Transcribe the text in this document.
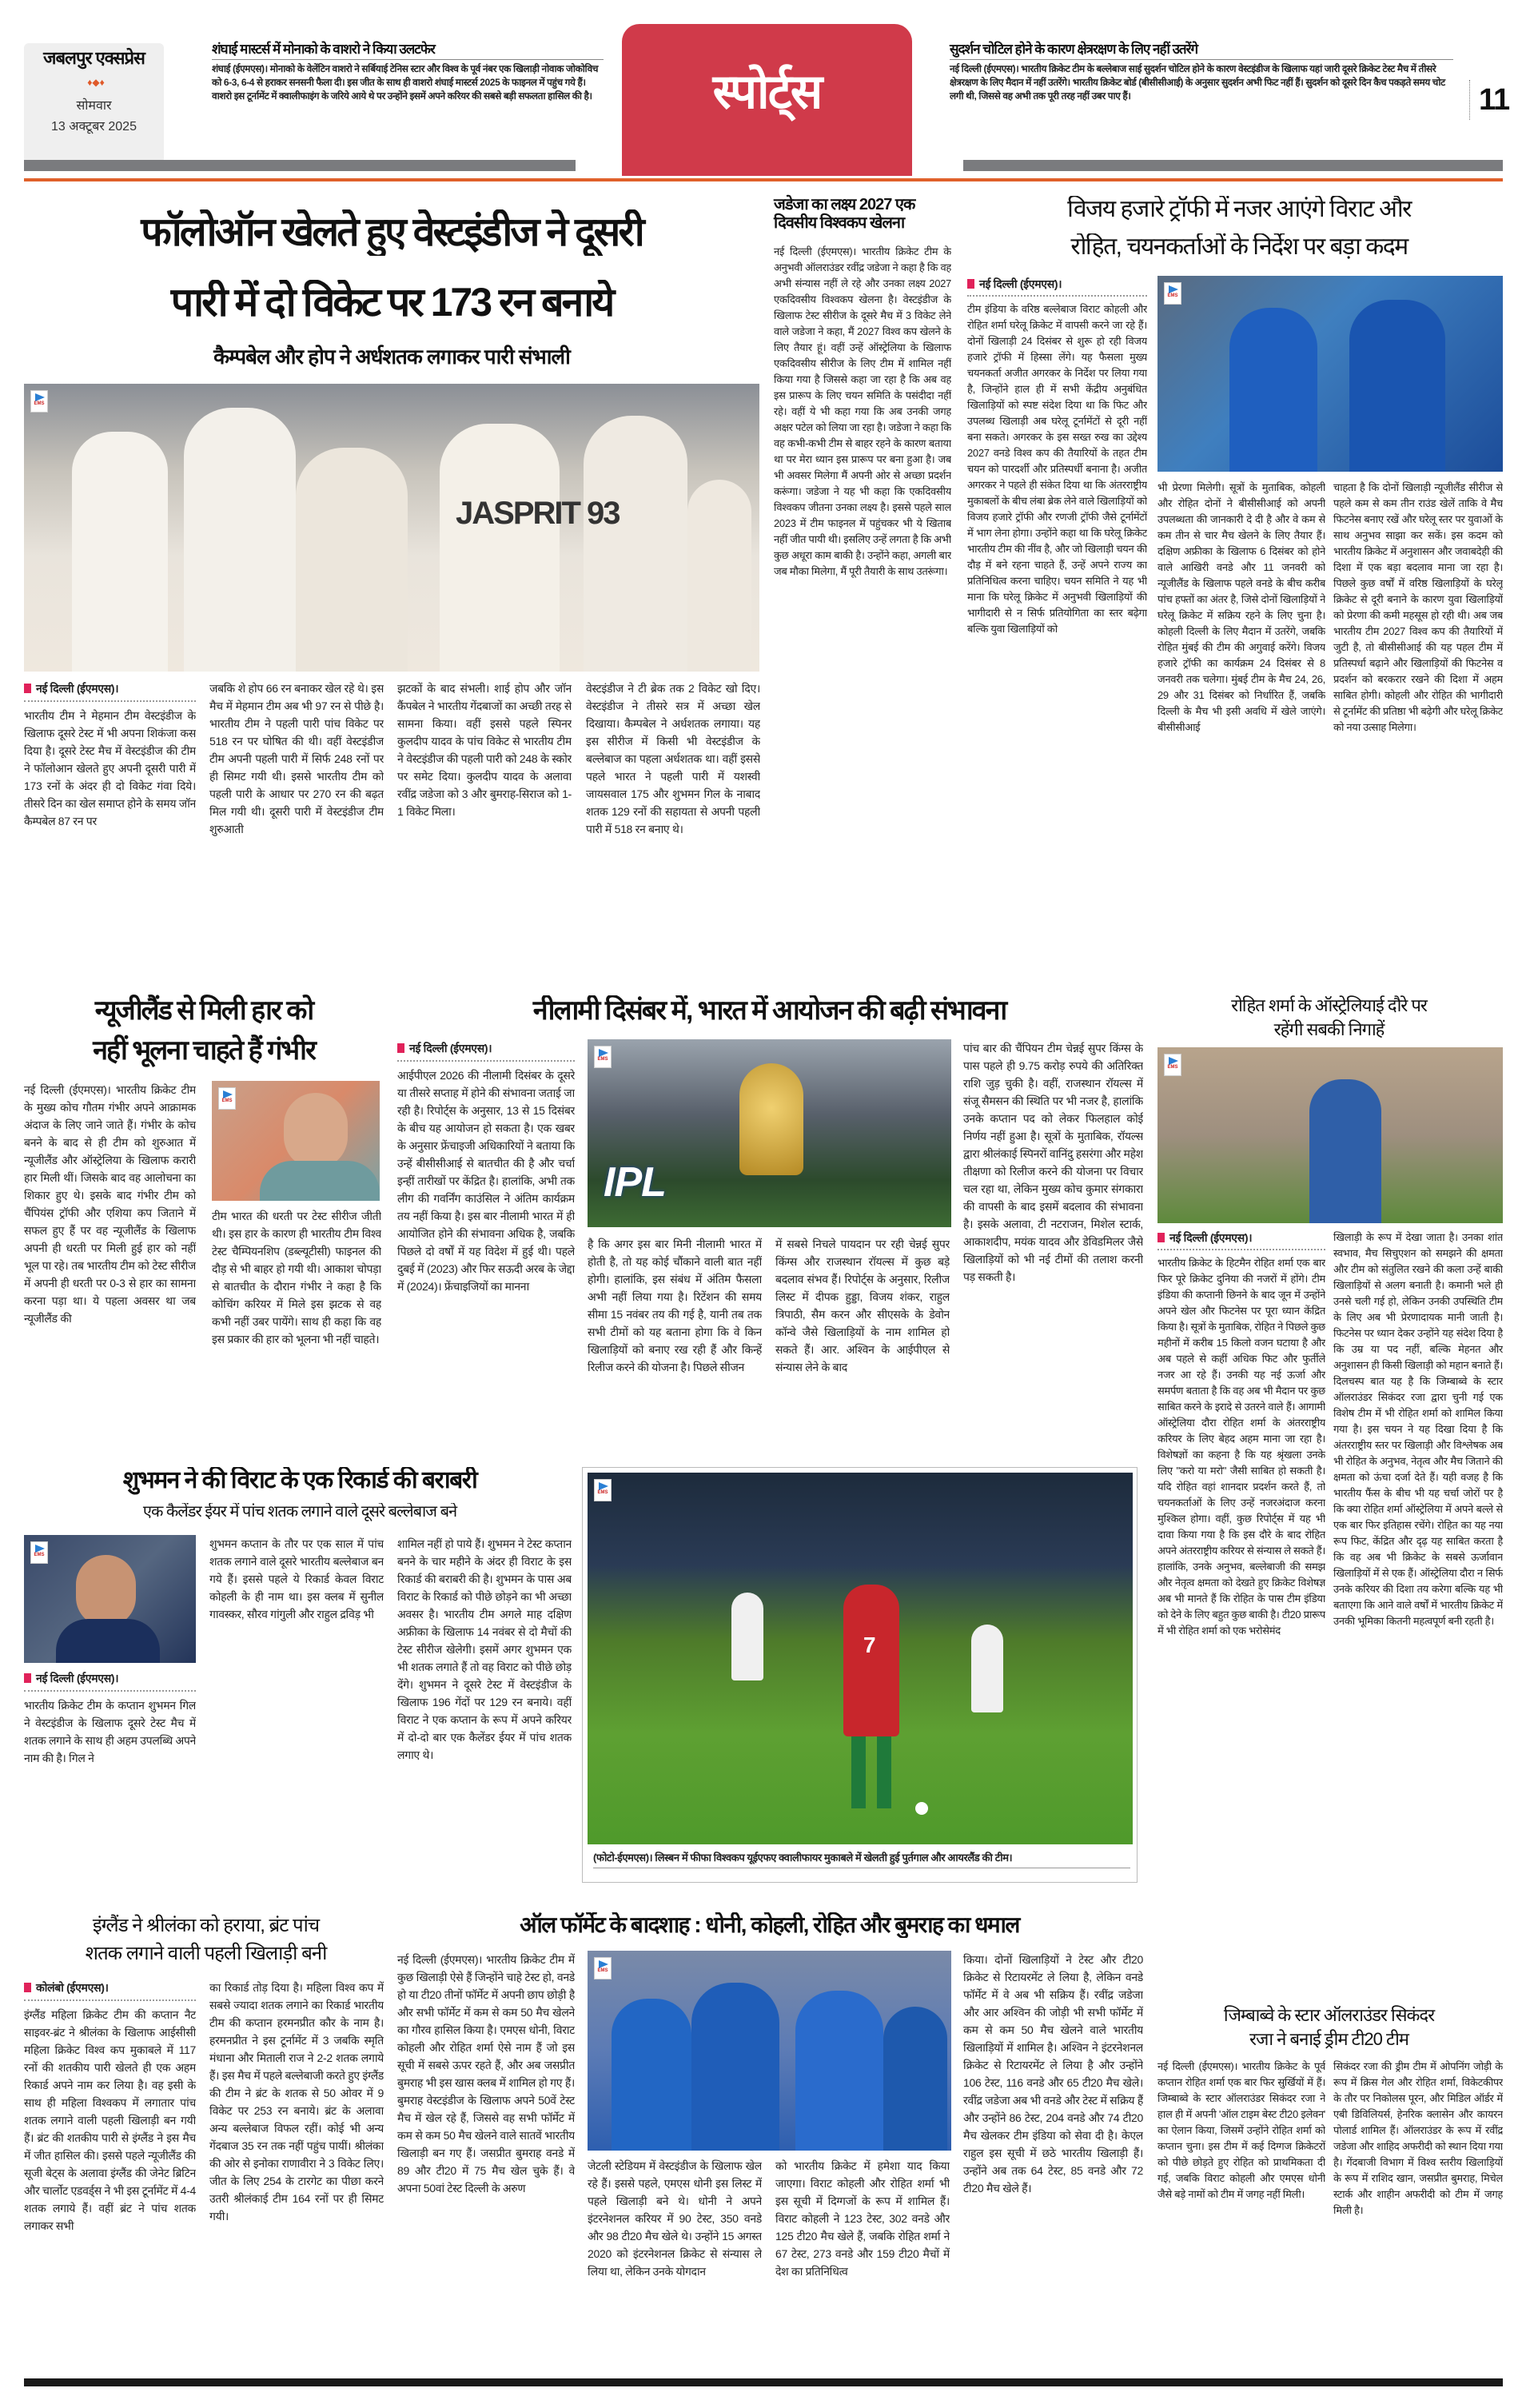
जबलपुर एक्सप्रेस
♦◆♦
सोमवार
13 अक्टूबर 2025
शंघाई मास्टर्स में मोनाको के वाशरो ने किया उलटफेर
शंघाई (ईएमएस)। मोनाको के वेलेंटिन वाशरो ने सर्बियाई टेनिस स्टार और विश्व के पूर्व नंबर एक खिलाड़ी नोवाक जोकोविच को 6-3, 6-4 से हराकर सनसनी फैला दी। इस जीत के साथ ही वाशरो शंघाई मास्टर्स 2025 के फाइनल में पहुंच गये हैं। वाशरो इस टूर्नामेंट में क्वालीफाइंग के जरिये आये थे पर उन्होंने इसमें अपने करियर की सबसे बड़ी सफलता हासिल की है।	स्पोर्ट्स
सुदर्शन चोटिल होने के कारण क्षेत्ररक्षण के लिए नहीं उतरेंगे
नई दिल्ली (ईएमएस)। भारतीय क्रिकेट टीम के बल्लेबाज साई सुदर्शन चोटिल होने के कारण वेस्टइंडीज के खिलाफ यहां जारी दूसरे क्रिकेट टेस्ट मैच में तीसरे क्षेत्ररक्षण के लिए मैदान में नहीं उतरेंगे। भारतीय क्रिकेट बोर्ड (बीसीसीआई) के अनुसार सुदर्शन अभी फिट नहीं हैं। सुदर्शन को दूसरे दिन कैच पकड़ते समय चोट लगी थी, जिससे वह अभी तक पूरी तरह नहीं उबर पाए हैं।	11
फॉलोऑन खेलते हुए वेस्टइंडीज ने दूसरी
पारी में दो विकेट पर 173 रन बनाये
कैम्पबेल और होप ने अर्धशतक लगाकर पारी संभाली
EMS
JASPRIT 93
नई दिल्ली (ईएमएस)।
भारतीय टीम ने मेहमान टीम वेस्टइंडीज के खिलाफ दूसरे टेस्ट में भी अपना शिकंजा कस दिया है। दूसरे टेस्ट मैच में वेस्टइंडीज की टीम ने फॉलोआन खेलते हुए अपनी दूसरी पारी में 173 रनों के अंदर ही दो विकेट गंवा दिये। तीसरे दिन का खेल समाप्त होने के समय जॉन कैम्पबेल 87 रन पर
जबकि शे होप 66 रन बनाकर खेल रहे थे। इस मैच में मेहमान टीम अब भी 97 रन से पीछे है। भारतीय टीम ने पहली पारी पांच विकेट पर 518 रन पर घोषित की थी। वहीं वेस्टइंडीज टीम अपनी पहली पारी में सिर्फ 248 रनों पर ही सिमट गयी थी। इससे भारतीय टीम को पहली पारी के आधार पर 270 रन की बढ़त मिल गयी थी। दूसरी पारी में वेस्टइंडीज टीम शुरुआती
झटकों के बाद संभली। शाई होप और जॉन कैंपबेल ने भारतीय गेंदबाजों का अच्छी तरह से सामना किया। वहीं इससे पहले स्पिनर कुलदीप यादव के पांच विकेट से भारतीय टीम ने वेस्टइंडीज की पहली पारी को 248 के स्कोर पर समेट दिया। कुलदीप यादव के अलावा रवींद्र जडेजा को 3 और बुमराह-सिराज को 1-1 विकेट मिला।
वेस्टइंडीज ने टी ब्रेक तक 2 विकेट खो दिए। वेस्टइंडीज ने तीसरे सत्र में अच्छा खेल दिखाया। कैम्पबेल ने अर्धशतक लगाया। यह इस सीरीज में किसी भी वेस्टइंडीज के बल्लेबाज का पहला अर्धशतक था। वहीं इससे पहले भारत ने पहली पारी में यशस्वी जायसवाल 175 और शुभमन गिल के नाबाद शतक 129 रनों की सहायता से अपनी पहली पारी में 518 रन बनाए थे।
जडेजा का लक्ष्य 2027 एक दिवसीय विश्वकप खेलना
नई दिल्ली (ईएमएस)। भारतीय क्रिकेट टीम के अनुभवी ऑलराउंडर रवींद्र जडेजा ने कहा है कि वह अभी संन्यास नहीं ले रहे और उनका लक्ष्य 2027 एकदिवसीय विश्वकप खेलना है। वेस्टइंडीज के खिलाफ टेस्ट सीरीज के दूसरे मैच में 3 विकेट लेने वाले जडेजा ने कहा, मैं 2027 विश्व कप खेलने के लिए तैयार हूं। वहीं उन्हें ऑस्ट्रेलिया के खिलाफ एकदिवसीय सीरीज के लिए टीम में शामिल नहीं किया गया है जिससे कहा जा रहा है कि अब वह इस प्रारूप के लिए चयन समिति के पसंदीदा नहीं रहे। वहीं ये भी कहा गया कि अब उनकी जगह अक्षर पटेल को लिया जा रहा है। जडेजा ने कहा कि वह कभी-कभी टीम से बाहर रहने के कारण बताया था पर मेरा ध्यान इस प्रारूप पर बना हुआ है। जब भी अवसर मिलेगा मैं अपनी ओर से अच्छा प्रदर्शन करूंगा। जडेजा ने यह भी कहा कि एकदिवसीय विश्वकप जीतना उनका लक्ष्य है। इससे पहले साल 2023 में टीम फाइनल में पहुंचकर भी ये खिताब नहीं जीत पायी थी। इसलिए उन्हें लगता है कि अभी कुछ अधूरा काम बाकी है। उन्होंने कहा, अगली बार जब मौका मिलेगा, मैं पूरी तैयारी के साथ उतरूंगा।
विजय हजारे ट्रॉफी में नजर आएंगे विराट और
रोहित, चयनकर्ताओं के निर्देश पर बड़ा कदम
नई दिल्ली (ईएमएस)।
टीम इंडिया के वरिष्ठ बल्लेबाज विराट कोहली और रोहित शर्मा घरेलू क्रिकेट में वापसी करने जा रहे हैं। दोनों खिलाड़ी 24 दिसंबर से शुरू हो रही विजय हजारे ट्रॉफी में हिस्सा लेंगे। यह फैसला मुख्य चयनकर्ता अजीत अगरकर के निर्देश पर लिया गया है, जिन्होंने हाल ही में सभी केंद्रीय अनुबंधित खिलाड़ियों को स्पष्ट संदेश दिया था कि फिट और उपलब्ध खिलाड़ी अब घरेलू टूर्नामेंटों से दूरी नहीं बना सकते। अगरकर के इस सख्त रुख का उद्देश्य 2027 वनडे विश्व कप की तैयारियों के तहत टीम चयन को पारदर्शी और प्रतिस्पर्धी बनाना है। अजीत अगरकर ने पहले ही संकेत दिया था कि अंतरराष्ट्रीय मुकाबलों के बीच लंबा ब्रेक लेने वाले खिलाड़ियों को विजय हजारे ट्रॉफी और रणजी ट्रॉफी जैसे टूर्नामेंटों में भाग लेना होगा। उन्होंने कहा था कि घरेलू क्रिकेट भारतीय टीम की नींव है, और जो खिलाड़ी चयन की दौड़ में बने रहना चाहते हैं, उन्हें अपने राज्य का प्रतिनिधित्व करना चाहिए। चयन समिति ने यह भी माना कि घरेलू क्रिकेट में अनुभवी खिलाड़ियों की भागीदारी से न सिर्फ प्रतियोगिता का स्तर बढ़ेगा बल्कि युवा खिलाड़ियों को
EMS
भी प्रेरणा मिलेगी। सूत्रों के मुताबिक, कोहली और रोहित दोनों ने बीसीसीआई को अपनी उपलब्धता की जानकारी दे दी है और वे कम से कम तीन से चार मैच खेलने के लिए तैयार हैं। दक्षिण अफ्रीका के खिलाफ 6 दिसंबर को होने वाले आखिरी वनडे और 11 जनवरी को न्यूजीलैंड के खिलाफ पहले वनडे के बीच करीब पांच हफ्तों का अंतर है, जिसे दोनों खिलाड़ियों ने घरेलू क्रिकेट में सक्रिय रहने के लिए चुना है। कोहली दिल्ली के लिए मैदान में उतरेंगे, जबकि रोहित मुंबई की टीम की अगुवाई करेंगे। विजय हजारे ट्रॉफी का कार्यक्रम 24 दिसंबर से 8 जनवरी तक चलेगा। मुंबई टीम के मैच 24, 26, 29 और 31 दिसंबर को निर्धारित हैं, जबकि दिल्ली के मैच भी इसी अवधि में खेले जाएंगे। बीसीसीआई
चाहता है कि दोनों खिलाड़ी न्यूजीलैंड सीरीज से पहले कम से कम तीन राउंड खेलें ताकि वे मैच फिटनेस बनाए रखें और घरेलू स्तर पर युवाओं के साथ अनुभव साझा कर सकें। इस कदम को भारतीय क्रिकेट में अनुशासन और जवाबदेही की दिशा में एक बड़ा बदलाव माना जा रहा है। पिछले कुछ वर्षों में वरिष्ठ खिलाड़ियों के घरेलू क्रिकेट से दूरी बनाने के कारण युवा खिलाड़ियों को प्रेरणा की कमी महसूस हो रही थी। अब जब भारतीय टीम 2027 विश्व कप की तैयारियों में जुटी है, तो बीसीसीआई की यह पहल टीम में प्रतिस्पर्धा बढ़ाने और खिलाड़ियों की फिटनेस व प्रदर्शन को बरकरार रखने की दिशा में अहम साबित होगी। कोहली और रोहित की भागीदारी से टूर्नामेंट की प्रतिष्ठा भी बढ़ेगी और घरेलू क्रिकेट को नया उत्साह मिलेगा।
न्यूजीलैंड से मिली हार को
नहीं भूलना चाहते हैं गंभीर
नई दिल्ली (ईएमएस)। भारतीय क्रिकेट टीम के मुख्य कोच गौतम गंभीर अपने आक्रामक अंदाज के लिए जाने जाते हैं। गंभीर के कोच बनने के बाद से ही टीम को शुरुआत में न्यूजीलैंड और ऑस्ट्रेलिया के खिलाफ करारी हार मिली थीं। जिसके बाद वह आलोचना का शिकार हुए थे। इसके बाद गंभीर टीम को चैंपियंस ट्रॉफी और एशिया कप जिताने में सफल हुए हैं पर वह न्यूजीलैंड के खिलाफ अपनी ही धरती पर मिली हुई हार को नहीं भूल पा रहे। तब भारतीय टीम को टेस्ट सीरीज में अपनी ही धरती पर 0-3 से हार का सामना करना पड़ा था। ये पहला अवसर था जब न्यूजीलैंड की
EMS
टीम भारत की धरती पर टेस्ट सीरीज जीती थी। इस हार के कारण ही भारतीय टीम विश्व टेस्ट चैम्पियनशिप (डब्ल्यूटीसी) फाइनल की दौड़ से भी बाहर हो गयी थी। आकाश चोपड़ा से बातचीत के दौरान गंभीर ने कहा है कि कोचिंग करियर में मिले इस झटक से वह कभी नहीं उबर पायेंगे। साथ ही कहा कि वह इस प्रकार की हार को भूलना भी नहीं चाहते।
नीलामी दिसंबर में, भारत में आयोजन की बढ़ी संभावना
नई दिल्ली (ईएमएस)।
आईपीएल 2026 की नीलामी दिसंबर के दूसरे या तीसरे सप्ताह में होने की संभावना जताई जा रही है। रिपोर्ट्स के अनुसार, 13 से 15 दिसंबर के बीच यह आयोजन हो सकता है। एक खबर के अनुसार फ्रेंचाइजी अधिकारियों ने बताया कि उन्हें बीसीसीआई से बातचीत की है और चर्चा इन्हीं तारीखों पर केंद्रित है। हालांकि, अभी तक लीग की गवर्निंग काउंसिल ने अंतिम कार्यक्रम तय नहीं किया है। इस बार नीलामी भारत में ही आयोजित होने की संभावना अधिक है, जबकि पिछले दो वर्षों में यह विदेश में हुई थी। पहले दुबई में (2023) और फिर सऊदी अरब के जेद्दा में (2024)। फ्रेंचाइजियों का मानना
EMS
IPL
है कि अगर इस बार मिनी नीलामी भारत में होती है, तो यह कोई चौंकाने वाली बात नहीं होगी। हालांकि, इस संबंध में अंतिम फैसला अभी नहीं लिया गया है। रिटेंशन की समय सीमा 15 नवंबर तय की गई है, यानी तब तक सभी टीमों को यह बताना होगा कि वे किन खिलाड़ियों को बनाए रख रही हैं और किन्हें रिलीज करने की योजना है। पिछले सीजन
में सबसे निचले पायदान पर रही चेन्नई सुपर किंग्स और राजस्थान रॉयल्स में कुछ बड़े बदलाव संभव हैं। रिपोर्ट्स के अनुसार, रिलीज लिस्ट में दीपक हुड्डा, विजय शंकर, राहुल त्रिपाठी, सैम करन और सीएसके के डेवोन कॉन्वे जैसे खिलाड़ियों के नाम शामिल हो सकते हैं। आर. अश्विन के आईपीएल से संन्यास लेने के बाद
पांच बार की चैंपियन टीम चेन्नई सुपर किंग्स के पास पहले ही 9.75 करोड़ रुपये की अतिरिक्त राशि जुड़ चुकी है। वहीं, राजस्थान रॉयल्स में संजू सैमसन की स्थिति पर भी नजर है, हालांकि उनके कप्तान पद को लेकर फिलहाल कोई निर्णय नहीं हुआ है। सूत्रों के मुताबिक, रॉयल्स द्वारा श्रीलंकाई स्पिनरों वानिंदु हसरंगा और महेश तीक्षणा को रिलीज करने की योजना पर विचार चल रहा था, लेकिन मुख्य कोच कुमार संगकारा की वापसी के बाद इसमें बदलाव की संभावना है। इसके अलावा, टी नटराजन, मिशेल स्टार्क, आकाशदीप, मयंक यादव और डेविडमिलर जैसे खिलाड़ियों को भी नई टीमों की तलाश करनी पड़ सकती है।
रोहित शर्मा के ऑस्ट्रेलियाई दौरे पर
रहेंगी सबकी निगाहें
EMS
नई दिल्ली (ईएमएस)।
भारतीय क्रिकेट के हिटमैन रोहित शर्मा एक बार फिर पूरे क्रिकेट दुनिया की नजरों में होंगे। टीम इंडिया की कप्तानी छिनने के बाद जून में उन्होंने अपने खेल और फिटनेस पर पूरा ध्यान केंद्रित किया है। सूत्रों के मुताबिक, रोहित ने पिछले कुछ महीनों में करीब 15 किलो वजन घटाया है और अब पहले से कहीं अधिक फिट और फुर्तीले नजर आ रहे हैं। उनकी यह नई ऊर्जा और समर्पण बताता है कि वह अब भी मैदान पर कुछ साबित करने के इरादे से उतरने वाले हैं। आगामी ऑस्ट्रेलिया दौरा रोहित शर्मा के अंतरराष्ट्रीय करियर के लिए बेहद अहम माना जा रहा है। विशेषज्ञों का कहना है कि यह श्रृंखला उनके लिए "करो या मरो" जैसी साबित हो सकती है। यदि रोहित वहां शानदार प्रदर्शन करते हैं, तो चयनकर्ताओं के लिए उन्हें नजरअंदाज करना मुश्किल होगा। वहीं, कुछ रिपोर्ट्स में यह भी दावा किया गया है कि इस दौरे के बाद रोहित अपने अंतरराष्ट्रीय करियर से संन्यास ले सकते हैं। हालांकि, उनके अनुभव, बल्लेबाजी की समझ और नेतृत्व क्षमता को देखते हुए क्रिकेट विशेषज्ञ अब भी मानते हैं कि रोहित के पास टीम इंडिया को देने के लिए बहुत कुछ बाकी है। टी20 प्रारूप में भी रोहित शर्मा को एक भरोसेमंद
खिलाड़ी के रूप में देखा जाता है। उनका शांत स्वभाव, मैच सिचुएशन को समझने की क्षमता और टीम को संतुलित रखने की कला उन्हें बाकी खिलाड़ियों से अलग बनाती है। कमानी भले ही उनसे चली गई हो, लेकिन उनकी उपस्थिति टीम के लिए अब भी प्रेरणादायक मानी जाती है। फिटनेस पर ध्यान देकर उन्होंने यह संदेश दिया है कि उम्र या पद नहीं, बल्कि मेहनत और अनुशासन ही किसी खिलाड़ी को महान बनाते हैं। दिलचस्प बात यह है कि जिम्बाब्वे के स्टार ऑलराउंडर सिकंदर रजा द्वारा चुनी गई एक विशेष टीम में भी रोहित शर्मा को शामिल किया गया है। इस चयन ने यह दिखा दिया है कि अंतरराष्ट्रीय स्तर पर खिलाड़ी और विश्लेषक अब भी रोहित के अनुभव, नेतृत्व और मैच जिताने की क्षमता को ऊंचा दर्जा देते हैं। यही वजह है कि भारतीय फैंस के बीच भी यह चर्चा जोरों पर है कि क्या रोहित शर्मा ऑस्ट्रेलिया में अपने बल्ले से एक बार फिर इतिहास रचेंगे। रोहित का यह नया रूप फिट, केंद्रित और दृढ़ यह साबित करता है कि वह अब भी क्रिकेट के सबसे ऊर्जावान खिलाड़ियों में से एक हैं। ऑस्ट्रेलिया दौरा न सिर्फ उनके करियर की दिशा तय करेगा बल्कि यह भी बताएगा कि आने वाले वर्षों में भारतीय क्रिकेट में उनकी भूमिका कितनी महत्वपूर्ण बनी रहती है।
शुभमन ने की विराट के एक रिकार्ड की बराबरी
एक कैलेंडर ईयर में पांच शतक लगाने वाले दूसरे बल्लेबाज बने
EMS
नई दिल्ली (ईएमएस)।
भारतीय क्रिकेट टीम के कप्तान शुभमन गिल ने वेस्टइंडीज के खिलाफ दूसरे टेस्ट मैच में शतक लगाने के साथ ही अहम उपलब्धि अपने नाम की है। गिल ने
शुभमन कप्तान के तौर पर एक साल में पांच शतक लगाने वाले दूसरे भारतीय बल्लेबाज बन गये हैं। इससे पहले ये रिकार्ड केवल विराट कोहली के ही नाम था। इस क्लब में सुनील गावस्कर, सौरव गांगुली और राहुल द्रविड़ भी
शामिल नहीं हो पाये हैं। शुभमन ने टेस्ट कप्तान बनने के चार महीने के अंदर ही विराट के इस रिकार्ड की बराबरी की है। शुभमन के पास अब विराट के रिकार्ड को पीछे छोड़ने का भी अच्छा अवसर है। भारतीय टीम अगले माह दक्षिण अफ्रीका के खिलाफ 14 नवंबर से दो मैचों की टेस्ट सीरीज खेलेगी। इसमें अगर शुभमन एक भी शतक लगाते हैं तो वह विराट को पीछे छोड़ देंगे। शुभमन ने दूसरे टेस्ट में वेस्टइंडीज के खिलाफ 196 गेंदों पर 129 रन बनाये। वहीं विराट ने एक कप्तान के रूप में अपने करियर में दो-दो बार एक कैलेंडर ईयर में पांच शतक लगाए थे।
EMS
7
(फोटो-ईएमएस)। लिस्बन में फीफा विश्वकप यूईएफए क्वालीफायर मुकाबले में खेलती हुई पुर्तगाल और आयरलैंड की टीम।
इंग्लैंड ने श्रीलंका को हराया, ब्रंट पांच
शतक लगाने वाली पहली खिलाड़ी बनी
कोलंबो (ईएमएस)।
इंग्लैंड महिला क्रिकेट टीम की कप्तान नैट साइवर-ब्रंट ने श्रीलंका के खिलाफ आईसीसी महिला क्रिकेट विश्व कप मुकाबले में 117 रनों की शतकीय पारी खेलते ही एक अहम रिकार्ड अपने नाम कर लिया है। वह इसी के साथ ही महिला विश्वकप में लगातार पांच शतक लगाने वाली पहली खिलाड़ी बन गयी हैं। ब्रंट की शतकीय पारी से इंग्लैंड ने इस मैच में जीत हासिल की। इससे पहले न्यूजीलैंड की सूजी बेट्स के अलावा इंग्लैंड की जेनेट ब्रिटिन और चार्लोट एडवर्ड्स ने भी इस टूर्नामेंट में 4-4 शतक लगाये हैं। वहीं ब्रंट ने पांच शतक लगाकर सभी
का रिकार्ड तोड़ दिया है। महिला विश्व कप में सबसे ज्यादा शतक लगाने का रिकार्ड भारतीय टीम की कप्तान हरमनप्रीत कौर के नाम है। हरमनप्रीत ने इस टूर्नामेंट में 3 जबकि स्मृति मंधाना और मिताली राज ने 2-2 शतक लगाये हैं। इस मैच में पहले बल्लेबाजी करते हुए इंग्लैंड की टीम ने ब्रंट के शतक से 50 ओवर में 9 विकेट पर 253 रन बनाये। ब्रंट के अलावा अन्य बल्लेबाज विफल रहीं। कोई भी अन्य गेंदबाज 35 रन तक नहीं पहुंच पायीं। श्रीलंका की ओर से इनोका राणावीरा ने 3 विकेट लिए। जीत के लिए 254 के टारगेट का पीछा करने उतरी श्रीलंकाई टीम 164 रनों पर ही सिमट गयी।
ऑल फॉर्मेट के बादशाह : धोनी, कोहली, रोहित और बुमराह का धमाल
नई दिल्ली (ईएमएस)। भारतीय क्रिकेट टीम में कुछ खिलाड़ी ऐसे हैं जिन्होंने चाहे टेस्ट हो, वनडे हो या टी20 तीनों फॉर्मेट में अपनी छाप छोड़ी है और सभी फॉर्मेट में कम से कम 50 मैच खेलने का गौरव हासिल किया है। एमएस धोनी, विराट कोहली और रोहित शर्मा ऐसे नाम हैं जो इस सूची में सबसे ऊपर रहते हैं, और अब जसप्रीत बुमराह भी इस खास क्लब में शामिल हो गए हैं। बुमराह वेस्टइंडीज के खिलाफ अपने 50वें टेस्ट मैच में खेल रहे हैं, जिससे वह सभी फॉर्मेट में कम से कम 50 मैच खेलने वाले सातवें भारतीय खिलाड़ी बन गए हैं। जसप्रीत बुमराह वनडे में 89 और टी20 में 75 मैच खेल चुके हैं। वे अपना 50वां टेस्ट दिल्ली के अरुण
EMS
जेटली स्टेडियम में वेस्टइंडीज के खिलाफ खेल रहे हैं। इससे पहले, एमएस धोनी इस लिस्ट में पहले खिलाड़ी बने थे। धोनी ने अपने इंटरनेशनल करियर में 90 टेस्ट, 350 वनडे और 98 टी20 मैच खेले थे। उन्होंने 15 अगस्त 2020 को इंटरनेशनल क्रिकेट से संन्यास ले लिया था, लेकिन उनके योगदान
को भारतीय क्रिकेट में हमेशा याद किया जाएगा। विराट कोहली और रोहित शर्मा भी इस सूची में दिग्गजों के रूप में शामिल हैं। विराट कोहली ने 123 टेस्ट, 302 वनडे और 125 टी20 मैच खेले हैं, जबकि रोहित शर्मा ने 67 टेस्ट, 273 वनडे और 159 टी20 मैचों में देश का प्रतिनिधित्व
किया। दोनों खिलाड़ियों ने टेस्ट और टी20 क्रिकेट से रिटायरमेंट ले लिया है, लेकिन वनडे फॉर्मेट में वे अब भी सक्रिय हैं। रवींद्र जडेजा और आर अश्विन की जोड़ी भी सभी फॉर्मेट में कम से कम 50 मैच खेलने वाले भारतीय खिलाड़ियों में शामिल है। अश्विन ने इंटरनेशनल क्रिकेट से रिटायरमेंट ले लिया है और उन्होंने 106 टेस्ट, 116 वनडे और 65 टी20 मैच खेले। रवींद्र जडेजा अब भी वनडे और टेस्ट में सक्रिय हैं और उन्होंने 86 टेस्ट, 204 वनडे और 74 टी20 मैच खेलकर टीम इंडिया को सेवा दी है। केएल राहुल इस सूची में छठे भारतीय खिलाड़ी हैं। उन्होंने अब तक 64 टेस्ट, 85 वनडे और 72 टी20 मैच खेले हैं।
जिम्बाब्वे के स्टार ऑलराउंडर सिकंदर
रजा ने बनाई ड्रीम टी20 टीम
नई दिल्ली (ईएमएस)। भारतीय क्रिकेट के पूर्व कप्तान रोहित शर्मा एक बार फिर सुर्खियों में हैं। जिम्बाब्वे के स्टार ऑलराउंडर सिकंदर रजा ने हाल ही में अपनी 'ऑल टाइम बेस्ट टी20 इलेवन' का ऐलान किया, जिसमें उन्होंने रोहित शर्मा को कप्तान चुना। इस टीम में कई दिग्गज क्रिकेटरों को पीछे छोड़ते हुए रोहित को प्राथमिकता दी गई, जबकि विराट कोहली और एमएस धोनी जैसे बड़े नामों को टीम में जगह नहीं मिली।
सिकंदर रजा की ड्रीम टीम में ओपनिंग जोड़ी के रूप में क्रिस गेल और रोहित शर्मा, विकेटकीपर के तौर पर निकोलस पूरन, और मिडिल ऑर्डर में एबी डिविलियर्स, हेनरिक क्लासेन और कायरन पोलार्ड शामिल हैं। ऑलराउंडर के रूप में रवींद्र जडेजा और शाहिद अफरीदी को स्थान दिया गया है। गेंदबाजी विभाग में विश्व स्तरीय खिलाड़ियों के रूप में राशिद खान, जसप्रीत बुमराह, मिचेल स्टार्क और शाहीन अफरीदी को टीम में जगह मिली है।
